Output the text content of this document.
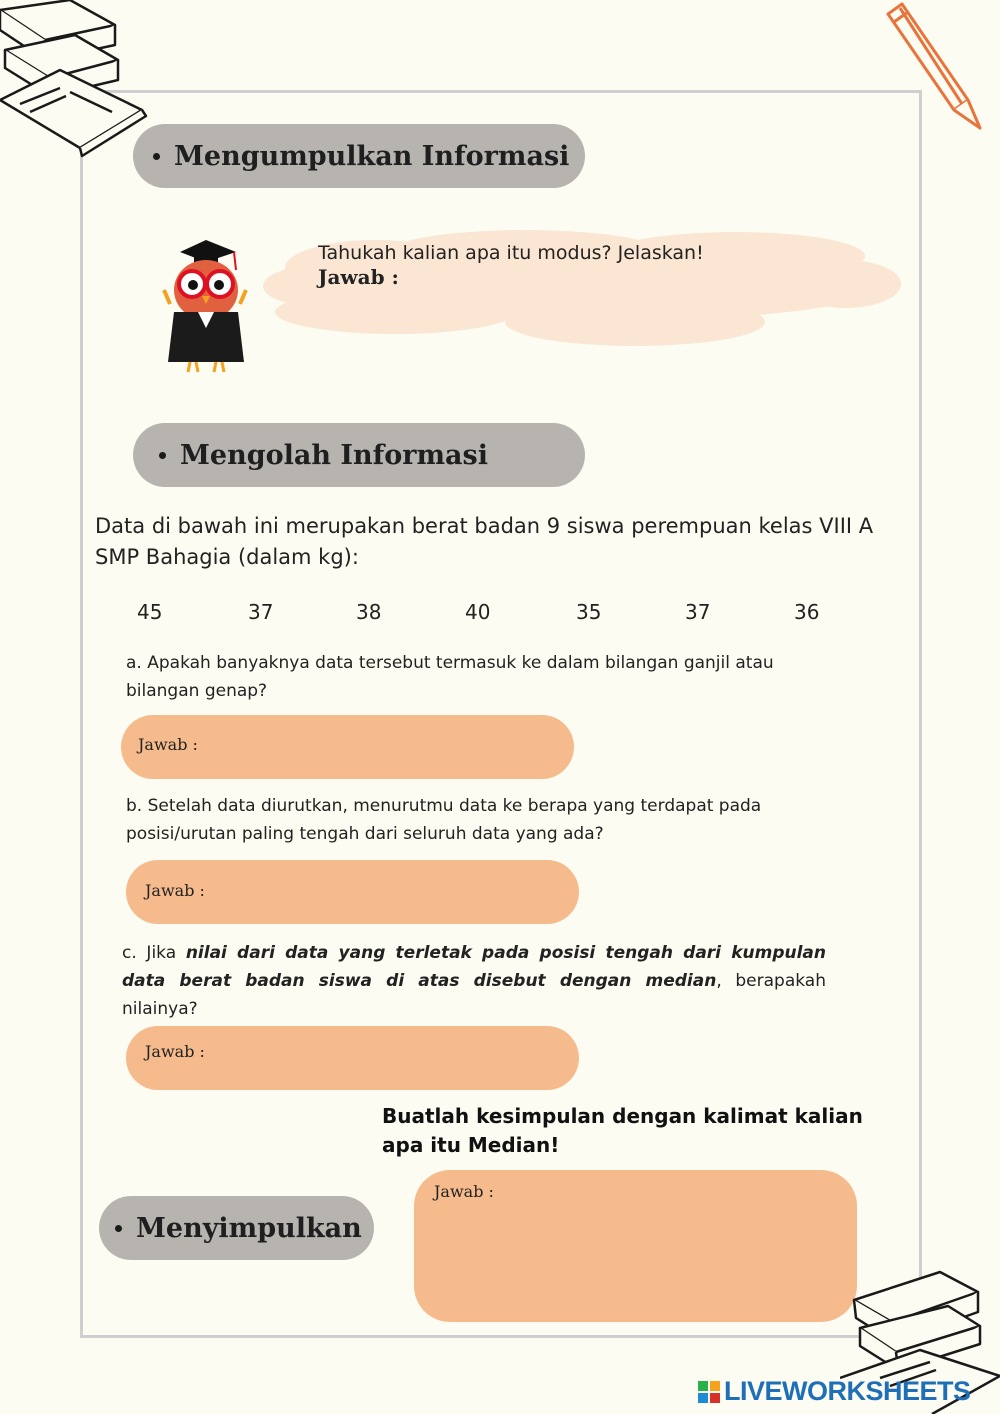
Mengumpulkan Informasi
Tahukah kalian apa itu modus? Jelaskan!
Jawab :
Mengolah Informasi
Data di bawah ini merupakan berat badan 9 siswa perempuan kelas VIII A SMP Bahagia (dalam kg):
45	37	38	40	35	37	36
a. Apakah banyaknya data tersebut termasuk ke dalam bilangan ganjil atau bilangan genap?
Jawab :
b. Setelah data diurutkan, menurutmu data ke berapa yang terdapat pada posisi/urutan paling tengah dari seluruh data yang ada?
Jawab :
c. Jika nilai dari data yang terletak pada posisi tengah dari kumpulan data berat badan siswa di atas disebut dengan median, berapakah nilainya?
Jawab :
Buatlah kesimpulan dengan kalimat kalian apa itu Median!
Menyimpulkan
Jawab :
LIVEWORKSHEETS
